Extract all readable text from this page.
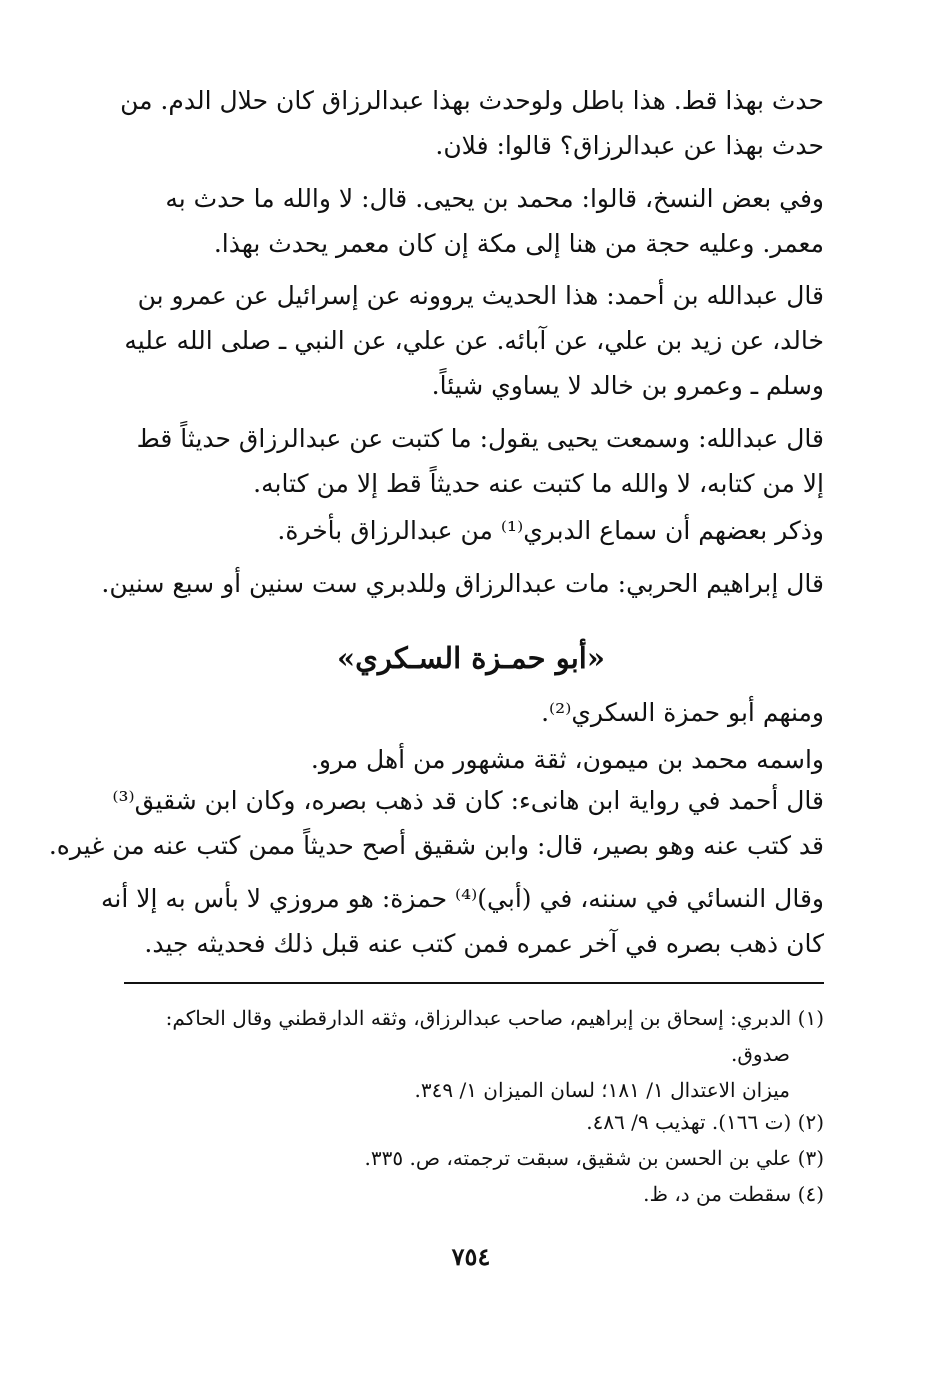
حدث بهذا قط. هذا باطل ولوحدث بهذا عبدالرزاق كان حلال الدم. من
حدث بهذا عن عبدالرزاق؟ قالوا: فلان.
وفي بعض النسخ، قالوا: محمد بن يحيى. قال: لا والله ما حدث به
معمر. وعليه حجة من هنا إلى مكة إن كان معمر يحدث بهذا.
قال عبدالله بن أحمد: هذا الحديث يروونه عن إسرائيل عن عمرو بن
خالد، عن زيد بن علي، عن آبائه. عن علي، عن النبي ـ صلى الله عليه
وسلم ـ وعمرو بن خالد لا يساوي شيئاً.
قال عبدالله: وسمعت يحيى يقول: ما كتبت عن عبدالرزاق حديثاً قط
إلا من كتابه، لا والله ما كتبت عنه حديثاً قط إلا من كتابه.
وذكر بعضهم أن سماع الدبري⁽¹⁾ من عبدالرزاق بأخرة.
قال إبراهيم الحربي: مات عبدالرزاق وللدبري ست سنين أو سبع سنين.
«أبو حمـزة السـكري»
ومنهم أبو حمزة السكري⁽²⁾.
واسمه محمد بن ميمون، ثقة مشهور من أهل مرو.
قال أحمد في رواية ابن هانىء: كان قد ذهب بصره، وكان ابن شقيق⁽³⁾
قد كتب عنه وهو بصير، قال: وابن شقيق أصح حديثاً ممن كتب عنه من غيره.
وقال النسائي في سننه، في (أبي)⁽⁴⁾ حمزة: هو مروزي لا بأس به إلا أنه
كان ذهب بصره في آخر عمره فمن كتب عنه قبل ذلك فحديثه جيد.
(١) الدبري: إسحاق بن إبراهيم، صاحب عبدالرزاق، وثقه الدارقطني وقال الحاكم:
صدوق.
ميزان الاعتدال ١/ ١٨١؛ لسان الميزان ١/ ٣٤٩.
(٢) (ت ١٦٦). تهذيب ٩/ ٤٨٦.
(٣) علي بن الحسن بن شقيق، سبقت ترجمته، ص. ٣٣٥.
(٤) سقطت من د، ظ.
٧٥٤
